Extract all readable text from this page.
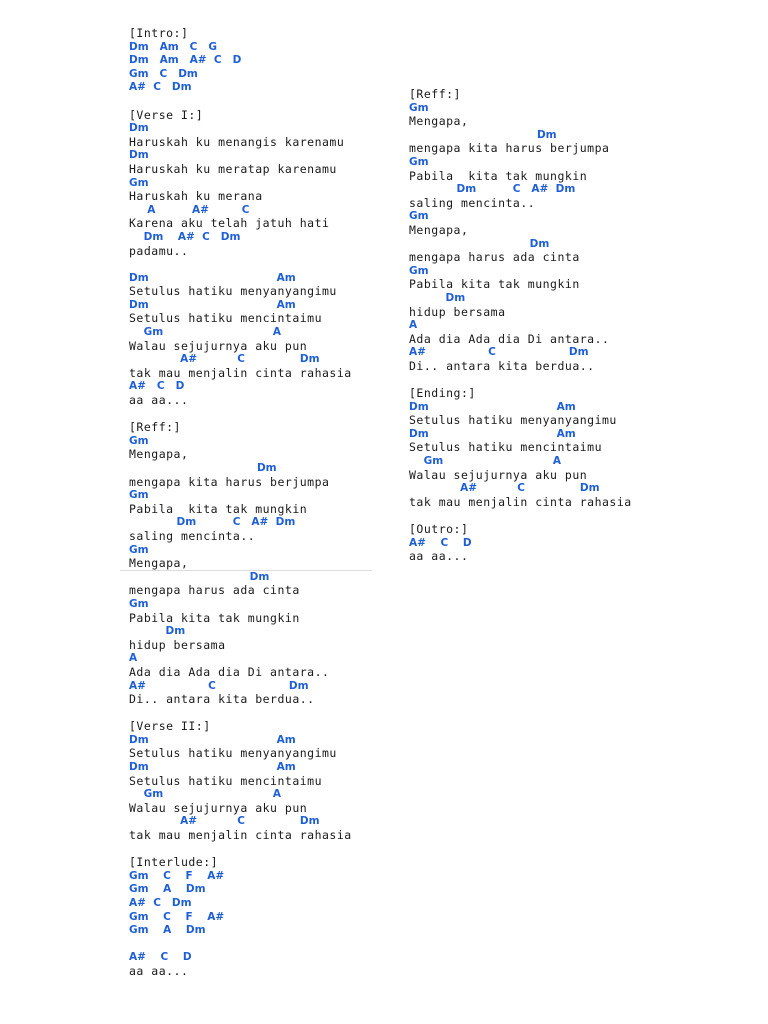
[Intro:]
Dm   Am   C   G
Dm   Am   A#  C   D
Gm   C   Dm
A#  C   Dm
[Verse I:]
Dm
Haruskah ku menangis karenamu
Dm
Haruskah ku meratap karenamu
Gm
Haruskah ku merana
A          A#         C
Karena aku telah jatuh hati
Dm    A#  C   Dm
padamu..
Dm                                   Am
Setulus hatiku menyanyangimu
Dm                                   Am
Setulus hatiku mencintaimu
Gm                              A
Walau sejujurnya aku pun
A#           C               Dm
tak mau menjalin cinta rahasia
A#   C   D
aa aa...
[Reff:]
Gm
Mengapa,
Dm
mengapa kita harus berjumpa
Gm
Pabila  kita tak mungkin
Dm          C   A#  Dm
saling mencinta..
Gm
Mengapa,
Dm
mengapa harus ada cinta
Gm
Pabila kita tak mungkin
Dm
hidup bersama
A
Ada dia Ada dia Di antara..
A#                 C                    Dm
Di.. antara kita berdua..
[Verse II:]
Dm                                   Am
Setulus hatiku menyanyangimu
Dm                                   Am
Setulus hatiku mencintaimu
Gm                              A
Walau sejujurnya aku pun
A#           C               Dm
tak mau menjalin cinta rahasia
[Interlude:]
Gm    C    F    A#
Gm    A    Dm
A#  C   Dm
Gm    C    F    A#
Gm    A    Dm
A#    C    D
aa aa...
[Reff:]
Gm
Mengapa,
Dm
mengapa kita harus berjumpa
Gm
Pabila  kita tak mungkin
Dm          C   A#  Dm
saling mencinta..
Gm
Mengapa,
Dm
mengapa harus ada cinta
Gm
Pabila kita tak mungkin
Dm
hidup bersama
A
Ada dia Ada dia Di antara..
A#                 C                    Dm
Di.. antara kita berdua..
[Ending:]
Dm                                   Am
Setulus hatiku menyanyangimu
Dm                                   Am
Setulus hatiku mencintaimu
Gm                              A
Walau sejujurnya aku pun
A#           C               Dm
tak mau menjalin cinta rahasia
[Outro:]
A#    C    D
aa aa...
